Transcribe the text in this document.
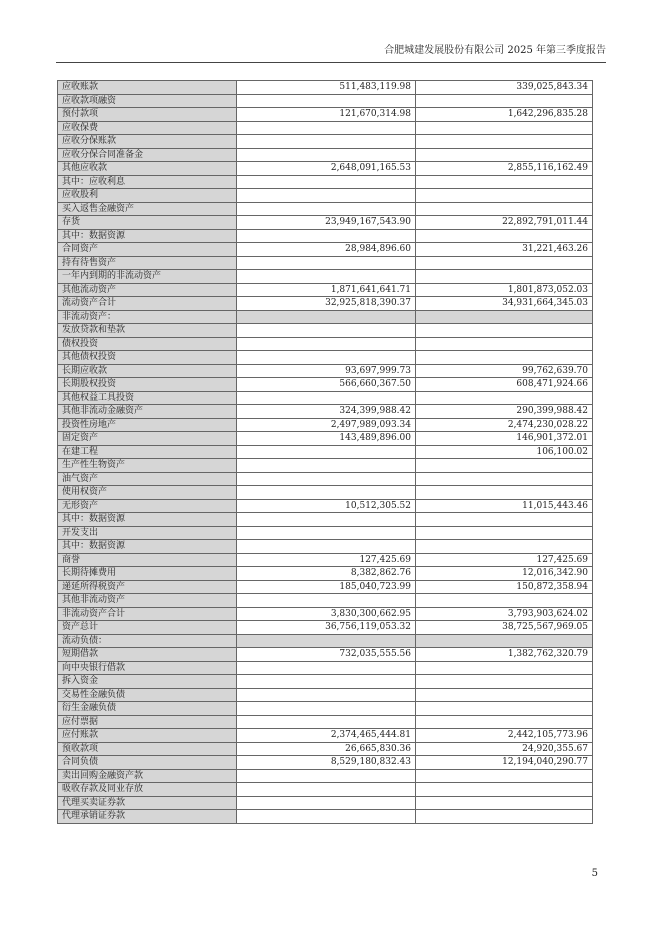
合肥城建发展股份有限公司 2025 年第三季度报告
应收账款	511,483,119.98	339,025,843.34
应收款项融资		
预付款项	121,670,314.98	1,642,296,835.28
应收保费		
应收分保账款		
应收分保合同准备金		
其他应收款	2,648,091,165.53	2,855,116,162.49
其中：应收利息		
应收股利		
买入返售金融资产		
存货	23,949,167,543.90	22,892,791,011.44
其中：数据资源		
合同资产	28,984,896.60	31,221,463.26
持有待售资产		
一年内到期的非流动资产		
其他流动资产	1,871,641,641.71	1,801,873,052.03
流动资产合计	32,925,818,390.37	34,931,664,345.03
非流动资产：		
发放贷款和垫款		
债权投资		
其他债权投资		
长期应收款	93,697,999.73	99,762,639.70
长期股权投资	566,660,367.50	608,471,924.66
其他权益工具投资		
其他非流动金融资产	324,399,988.42	290,399,988.42
投资性房地产	2,497,989,093.34	2,474,230,028.22
固定资产	143,489,896.00	146,901,372.01
在建工程		106,100.02
生产性生物资产		
油气资产		
使用权资产		
无形资产	10,512,305.52	11,015,443.46
其中：数据资源		
开发支出		
其中：数据资源		
商誉	127,425.69	127,425.69
长期待摊费用	8,382,862.76	12,016,342.90
递延所得税资产	185,040,723.99	150,872,358.94
其他非流动资产		
非流动资产合计	3,830,300,662.95	3,793,903,624.02
资产总计	36,756,119,053.32	38,725,567,969.05
流动负债：		
短期借款	732,035,555.56	1,382,762,320.79
向中央银行借款		
拆入资金		
交易性金融负债		
衍生金融负债		
应付票据		
应付账款	2,374,465,444.81	2,442,105,773.96
预收款项	26,665,830.36	24,920,355.67
合同负债	8,529,180,832.43	12,194,040,290.77
卖出回购金融资产款		
吸收存款及同业存放		
代理买卖证券款		
代理承销证券款		
5
